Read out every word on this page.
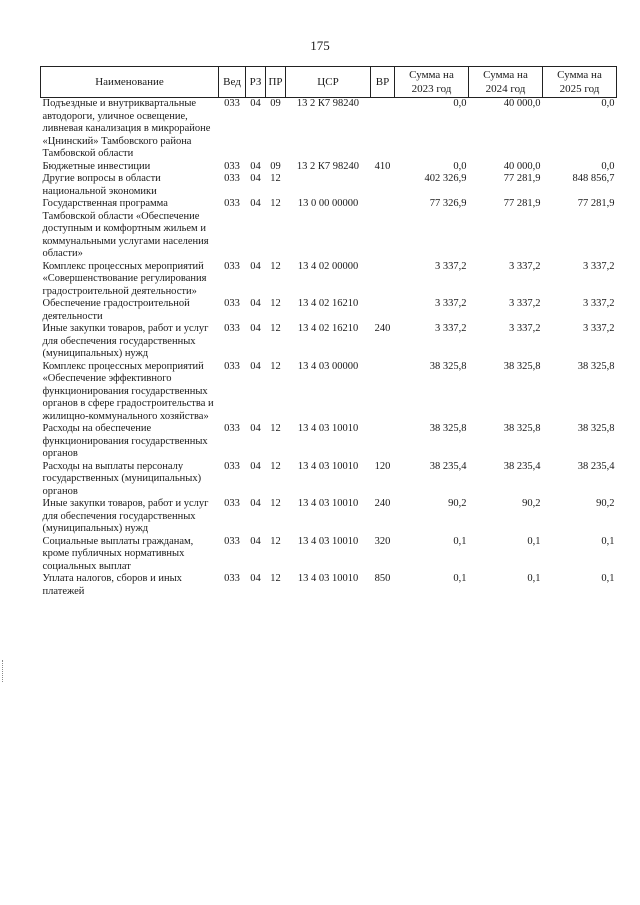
175
Наименование	Вед	РЗ	ПР	ЦСР	ВР	Сумма на 2023 год	Сумма на 2024 год	Сумма на 2025 год
Подъездные и внутриквартальные автодороги, уличное освещение, ливневая канализация в микрорайоне «Цнинский» Тамбовского района Тамбовской области	033	04	09	13 2 К7 98240		0,0	40 000,0	0,0
Бюджетные инвестиции	033	04	09	13 2 К7 98240	410	0,0	40 000,0	0,0
Другие вопросы в области национальной экономики	033	04	12			402 326,9	77 281,9	848 856,7
Государственная программа Тамбовской области «Обеспечение доступным и комфортным жильем и коммунальными услугами населения области»	033	04	12	13 0 00 00000		77 326,9	77 281,9	77 281,9
Комплекс процессных мероприятий «Совершенствование регулирования градостроительной деятельности»	033	04	12	13 4 02 00000		3 337,2	3 337,2	3 337,2
Обеспечение градостроительной деятельности	033	04	12	13 4 02 16210		3 337,2	3 337,2	3 337,2
Иные закупки товаров, работ и услуг для обеспечения государственных (муниципальных) нужд	033	04	12	13 4 02 16210	240	3 337,2	3 337,2	3 337,2
Комплекс процессных мероприятий «Обеспечение эффективного функционирования государственных органов в сфере градостроительства и жилищно-коммунального хозяйства»	033	04	12	13 4 03 00000		38 325,8	38 325,8	38 325,8
Расходы на обеспечение функционирования государственных органов	033	04	12	13 4 03 10010		38 325,8	38 325,8	38 325,8
Расходы на выплаты персоналу государственных (муниципальных) органов	033	04	12	13 4 03 10010	120	38 235,4	38 235,4	38 235,4
Иные закупки товаров, работ и услуг для обеспечения государственных (муниципальных) нужд	033	04	12	13 4 03 10010	240	90,2	90,2	90,2
Социальные выплаты гражданам, кроме публичных нормативных социальных выплат	033	04	12	13 4 03 10010	320	0,1	0,1	0,1
Уплата налогов, сборов и иных платежей	033	04	12	13 4 03 10010	850	0,1	0,1	0,1
